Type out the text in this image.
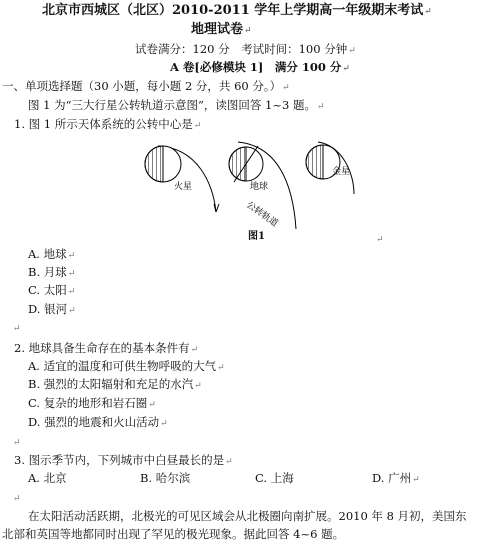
北京市西城区（北区）2010-2011 学年上学期高一年级期末考试↵
地理试卷↵
试卷满分：120 分　考试时间：100 分钟↵
A 卷[必修模块 1]　满分 100 分↵
一、单项选择题（30 小题，每小题 2 分，共 60 分。）↵
图 1 为“三大行星公转轨道示意图”，读图回答 1~3 题。↵
1. 图 1 所示天体系统的公转中心是↵
火星	地球
公转轨道
金星
图1	↵
A. 地球↵
B. 月球↵
C. 太阳↵
D. 银河↵
↵
2. 地球具备生命存在的基本条件有↵
A. 适宜的温度和可供生物呼吸的大气↵
B. 强烈的太阳辐射和充足的水汽↵
C. 复杂的地形和岩石圈↵
D. 强烈的地震和火山活动↵
↵
3. 图示季节内，下列城市中白昼最长的是↵
A. 北京	B. 哈尔滨	C. 上海	D. 广州↵
↵
在太阳活动活跃期，北极光的可见区域会从北极圈向南扩展。2010 年 8 月初，美国东
北部和英国等地都同时出现了罕见的极光现象。据此回答 4~6 题。
